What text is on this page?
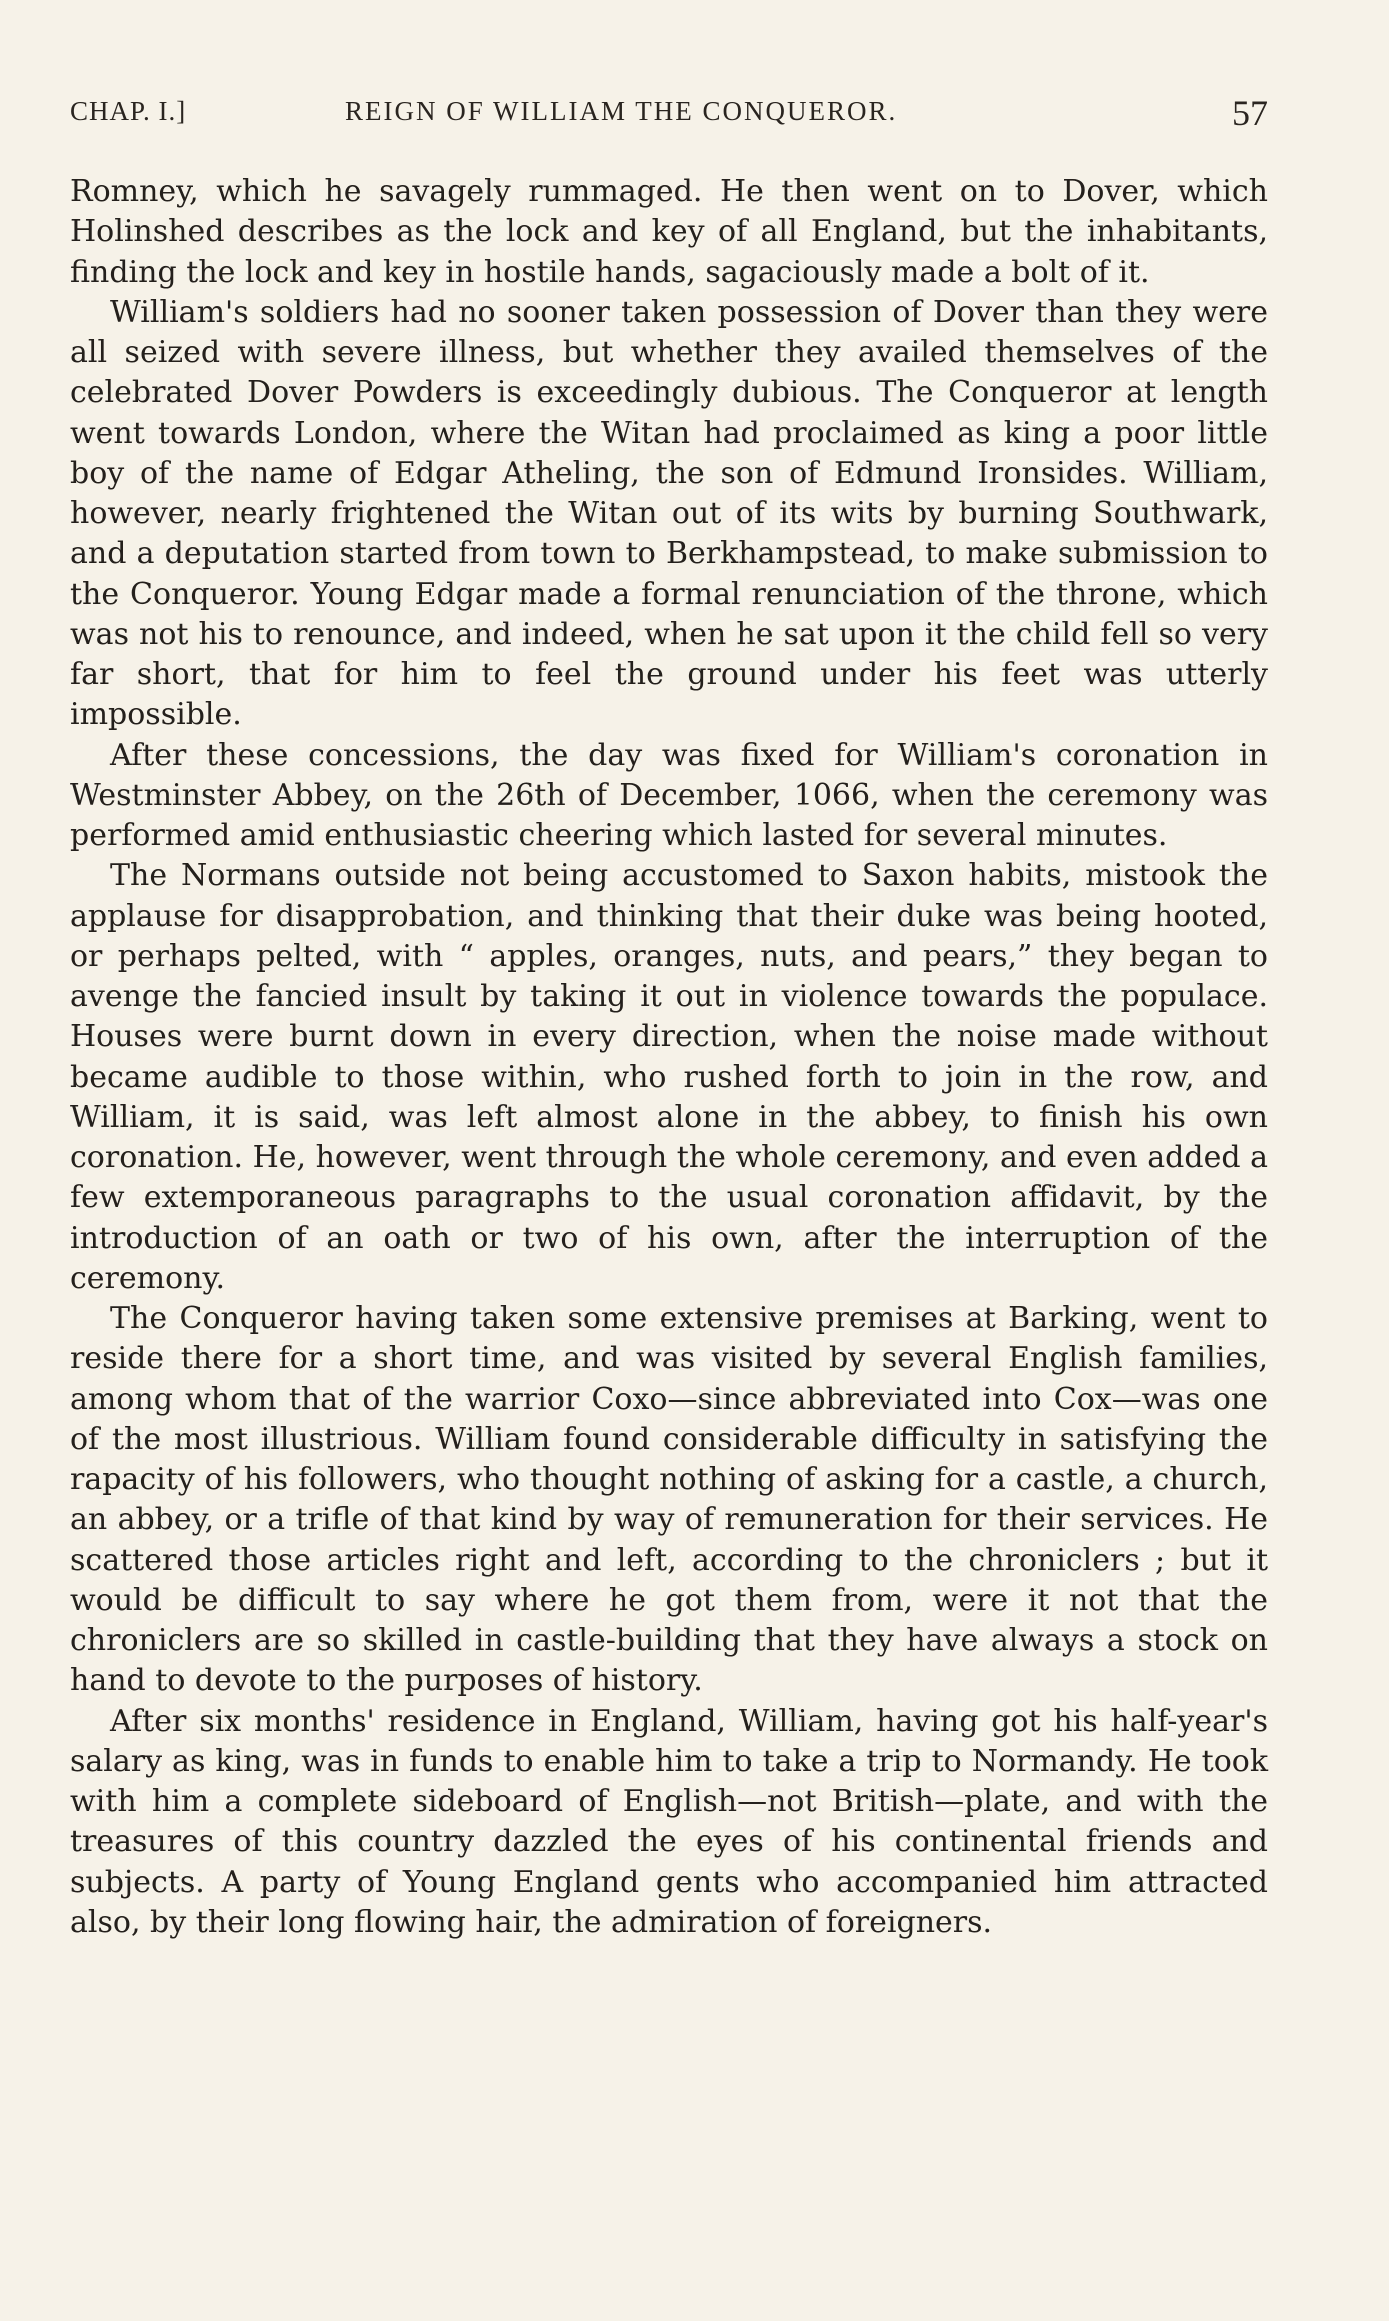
CHAP. I.]	REIGN OF WILLIAM THE CONQUEROR.	57

Romney, which he savagely rummaged. He then went on to Dover, which Holinshed describes as the lock and key of all England, but the inhabitants, finding the lock and key in hostile hands, sagaciously made a bolt of it.

William's soldiers had no sooner taken possession of Dover than they were all seized with severe illness, but whether they availed themselves of the celebrated Dover Powders is exceedingly dubious. The Conqueror at length went towards London, where the Witan had proclaimed as king a poor little boy of the name of Edgar Atheling, the son of Edmund Ironsides. William, however, nearly frightened the Witan out of its wits by burning Southwark, and a deputation started from town to Berkhampstead, to make submission to the Conqueror. Young Edgar made a formal renunciation of the throne, which was not his to renounce, and indeed, when he sat upon it the child fell so very far short, that for him to feel the ground under his feet was utterly impossible.

After these concessions, the day was fixed for William's coronation in Westminster Abbey, on the 26th of December, 1066, when the ceremony was performed amid enthusiastic cheering which lasted for several minutes.

The Normans outside not being accustomed to Saxon habits, mistook the applause for disapprobation, and thinking that their duke was being hooted, or perhaps pelted, with “ apples, oranges, nuts, and pears,” they began to avenge the fancied insult by taking it out in violence towards the populace. Houses were burnt down in every direction, when the noise made without became audible to those within, who rushed forth to join in the row, and William, it is said, was left almost alone in the abbey, to finish his own coronation. He, however, went through the whole ceremony, and even added a few extemporaneous paragraphs to the usual coronation affidavit, by the introduction of an oath or two of his own, after the interruption of the ceremony.

The Conqueror having taken some extensive premises at Barking, went to reside there for a short time, and was visited by several English families, among whom that of the warrior Coxo—since abbreviated into Cox—was one of the most illustrious. William found considerable difficulty in satisfying the rapacity of his followers, who thought nothing of asking for a castle, a church, an abbey, or a trifle of that kind by way of remuneration for their services. He scattered those articles right and left, according to the chroniclers ; but it would be difficult to say where he got them from, were it not that the chroniclers are so skilled in castle-building that they have always a stock on hand to devote to the purposes of history.

After six months' residence in England, William, having got his half-year's salary as king, was in funds to enable him to take a trip to Normandy. He took with him a complete sideboard of English—not British—plate, and with the treasures of this country dazzled the eyes of his continental friends and subjects. A party of Young England gents who accompanied him attracted also, by their long flowing hair, the admiration of foreigners.
